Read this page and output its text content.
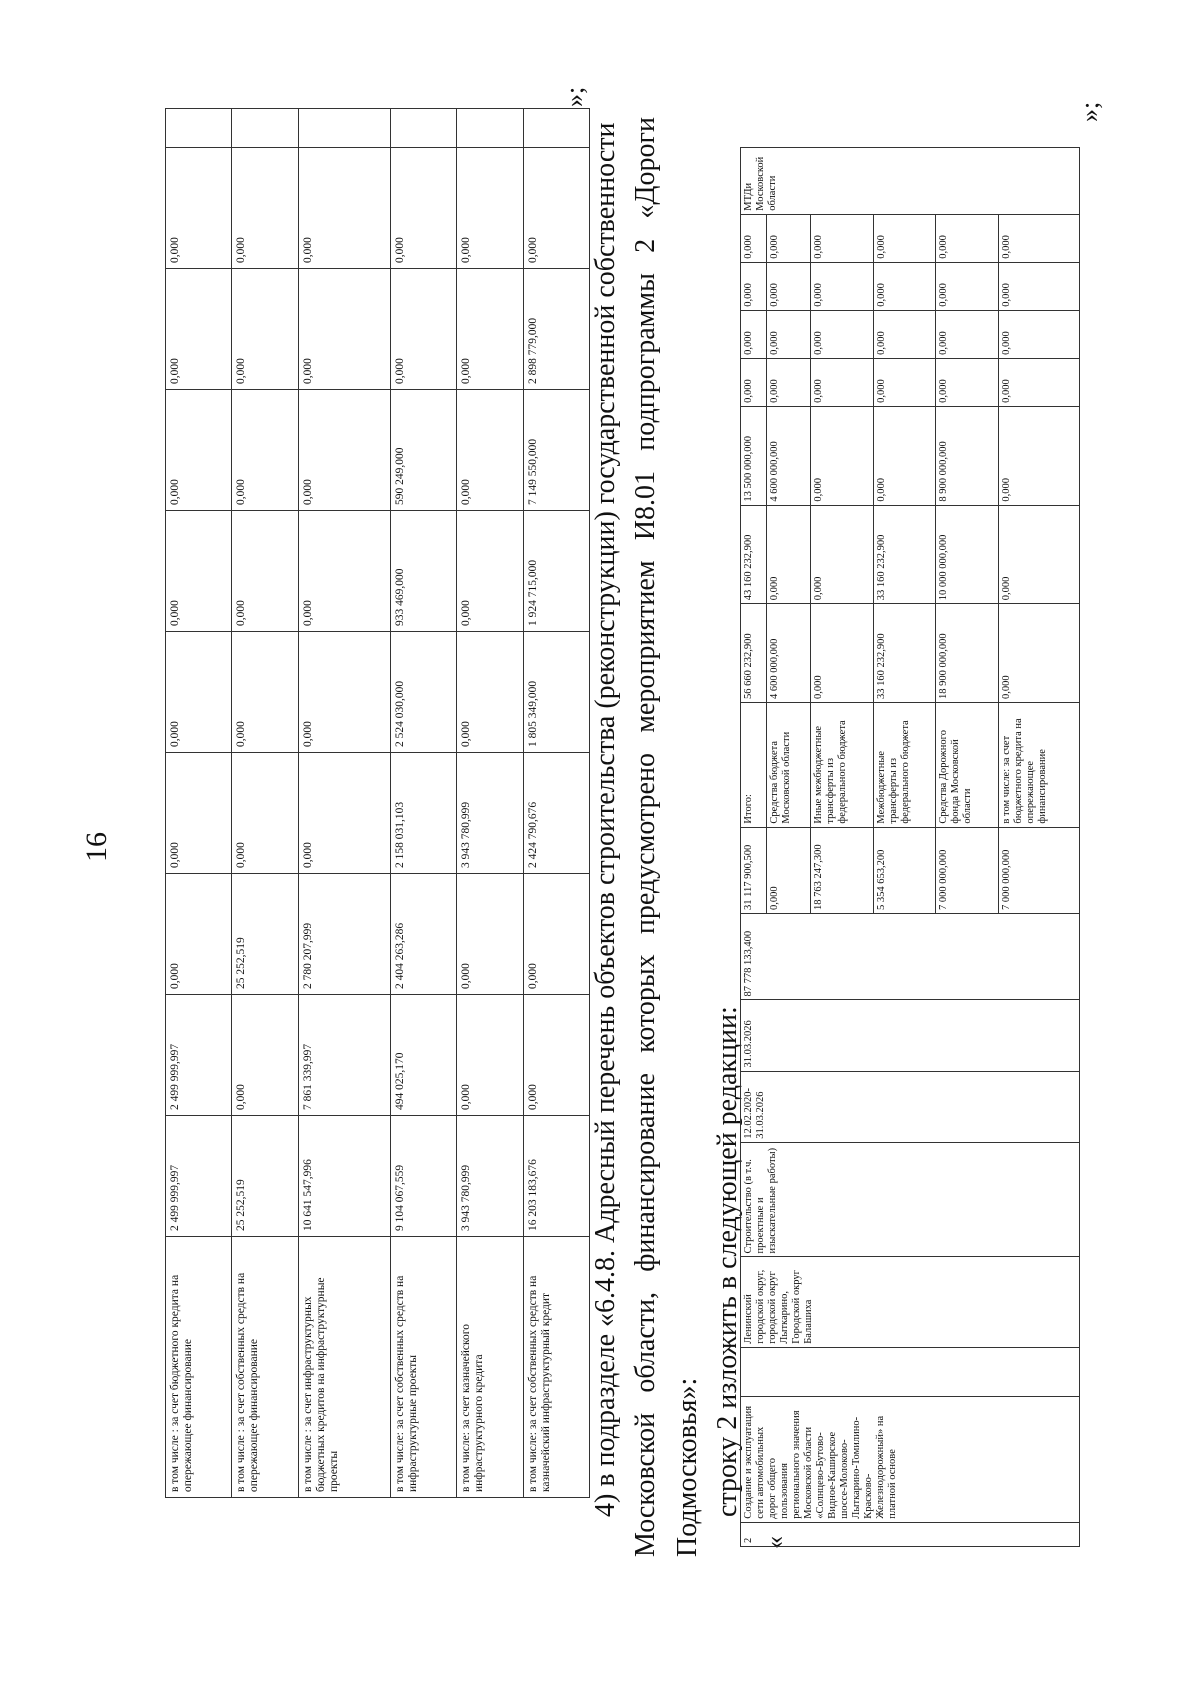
16
в том числе : за счет бюджетного кредита на опережающее финансирование	2 499 999,997	2 499 999,997	0,000	0,000	0,000	0,000	0,000	0,000	0,000	
в том числе : за счет собственных средств на опережающее финансирование	25 252,519	0,000	25 252,519	0,000	0,000	0,000	0,000	0,000	0,000	
в том числе : за счет инфраструктурных бюджетных кредитов на инфраструктурные проекты	10 641 547,996	7 861 339,997	2 780 207,999	0,000	0,000	0,000	0,000	0,000	0,000	
в том числе: за счет собственных средств на инфраструктурные проекты	9 104 067,559	494 025,170	2 404 263,286	2 158 031,103	2 524 030,000	933 469,000	590 249,000	0,000	0,000	
в том числе: за счет казначейского инфраструктурного кредита	3 943 780,999	0,000	0,000	3 943 780,999	0,000	0,000	0,000	0,000	0,000	
в том числе: за счет собственных средств на казначейский инфраструктурный кредит	16 203 183,676	0,000	0,000	2 424 790,676	1 805 349,000	1 924 715,000	7 149 550,000	2 898 779,000	0,000	
»;
4) в подразделе «6.4.8. Адресный перечень объектов строительства (реконструкции) государственной собственности Московской
области,
финансирование
которых
предусмотрено
мероприятием
И8.01
подпрограммы
2
«Дороги
Подмосковья»: строку 2 изложить в следующей редакции:
«
2	Создание и эксплуатация сети автомобильных дорог общего пользования регионального значения Московской области «Солнцево-Бутово-Видное-Каширское шоссе-Молоково-Лыткарино-Томилино-Красково-Железнодорожный» на платной основе		Ленинский городской округ, городской округ Лыткарино, Городской округ Балашиха	Строительство (в т.ч. проектные и изыскательные работы)	12.02.2020-31.03.2026	31.03.2026	87 778 133,400	31 117 900,500	Итого:	56 660 232,900	43 160 232,900	13 500 000,000	0,000	0,000	0,000	0,000	МТДи Московской области
								0,000	Средства бюджета Московской области	4 600 000,000	0,000	4 600 000,000	0,000	0,000	0,000	0,000	
								18 763 247,300	Иные межбюджетные трансферты из федерального бюджета	0,000	0,000	0,000	0,000	0,000	0,000	0,000	
								5 354 653,200	Межбюджетные трансферты из федерального бюджета	33 160 232,900	33 160 232,900	0,000	0,000	0,000	0,000	0,000	
								7 000 000,000	Средства Дорожного фонда Московской области	18 900 000,000	10 000 000,000	8 900 000,000	0,000	0,000	0,000	0,000	
								7 000 000,000	в том числе: за счет бюджетного кредита на опережающее финансирование	0,000	0,000	0,000	0,000	0,000	0,000	0,000	
»;
